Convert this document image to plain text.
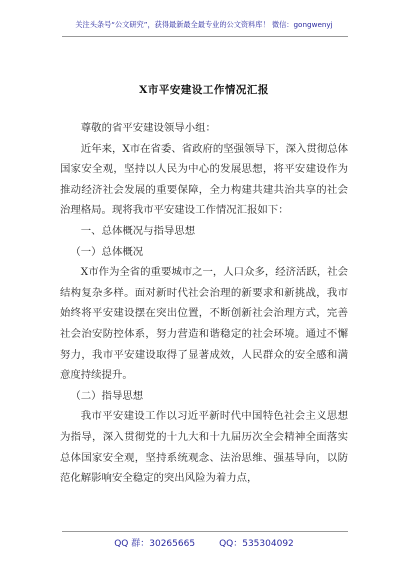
关注头条号“公文研究”，获得最新最全最专业的公文资料库！ 微信：gongwenyj
X市平安建设工作情况汇报

尊敬的省平安建设领导小组：

近年来，X市在省委、省政府的坚强领导下，深入贯彻总体国家安全观，坚持以人民为中心的发展思想，将平安建设作为推动经济社会发展的重要保障，全力构建共建共治共享的社会治理格局。现将我市平安建设工作情况汇报如下：

一、总体概况与指导思想

（一）总体概况

X市作为全省的重要城市之一，人口众多，经济活跃，社会结构复杂多样。面对新时代社会治理的新要求和新挑战，我市始终将平安建设摆在突出位置，不断创新社会治理方式，完善社会治安防控体系，努力营造和谐稳定的社会环境。通过不懈努力，我市平安建设取得了显著成效，人民群众的安全感和满意度持续提升。

（二）指导思想

我市平安建设工作以习近平新时代中国特色社会主义思想为指导，深入贯彻党的十九大和十九届历次全会精神全面落实总体国家安全观，坚持系统观念、法治思维、强基导向，以防范化解影响安全稳定的突出风险为着力点，

QQ 群：30265665	QQ：535304092
